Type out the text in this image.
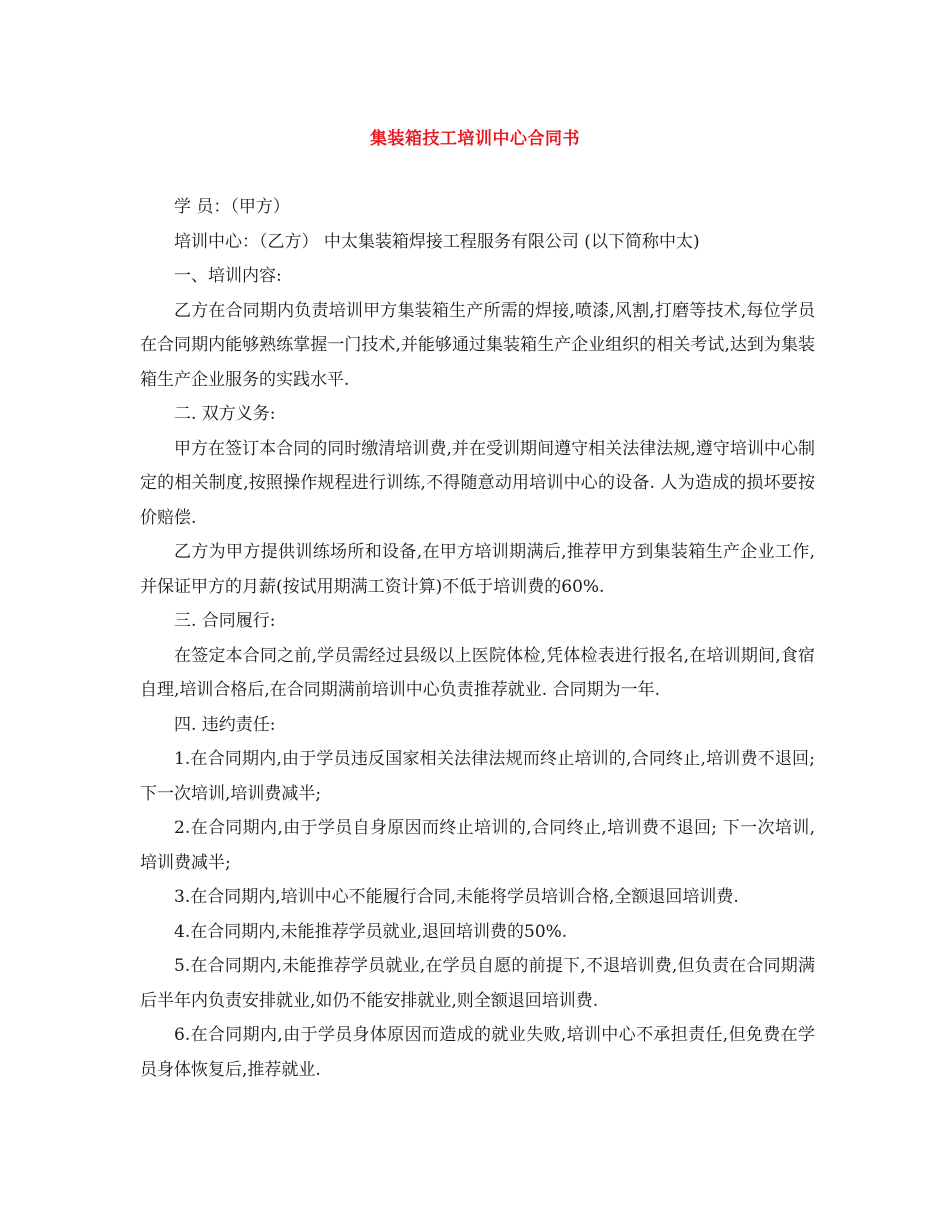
集装箱技工培训中心合同书

学 员：（甲方）

培训中心：（乙方） 中太集装箱焊接工程服务有限公司 (以下简称中太)

一、培训内容:

乙方在合同期内负责培训甲方集装箱生产所需的焊接,喷漆,风割,打磨等技术,每位学员在合同期内能够熟练掌握一门技术,并能够通过集装箱生产企业组织的相关考试,达到为集装箱生产企业服务的实践水平.

二. 双方义务:

甲方在签订本合同的同时缴清培训费,并在受训期间遵守相关法律法规,遵守培训中心制定的相关制度,按照操作规程进行训练,不得随意动用培训中心的设备. 人为造成的损坏要按价赔偿.

乙方为甲方提供训练场所和设备,在甲方培训期满后,推荐甲方到集装箱生产企业工作,并保证甲方的月薪(按试用期满工资计算)不低于培训费的60%.

三. 合同履行:

在签定本合同之前,学员需经过县级以上医院体检,凭体检表进行报名,在培训期间,食宿自理,培训合格后,在合同期满前培训中心负责推荐就业. 合同期为一年.

四. 违约责任:

1.在合同期内,由于学员违反国家相关法律法规而终止培训的,合同终止,培训费不退回;下一次培训,培训费减半;

2.在合同期内,由于学员自身原因而终止培训的,合同终止,培训费不退回; 下一次培训,培训费减半;

3.在合同期内,培训中心不能履行合同,未能将学员培训合格,全额退回培训费.

4.在合同期内,未能推荐学员就业,退回培训费的50%.

5.在合同期内,未能推荐学员就业,在学员自愿的前提下,不退培训费,但负责在合同期满后半年内负责安排就业,如仍不能安排就业,则全额退回培训费.

6.在合同期内,由于学员身体原因而造成的就业失败,培训中心不承担责任,但免费在学员身体恢复后,推荐就业.
